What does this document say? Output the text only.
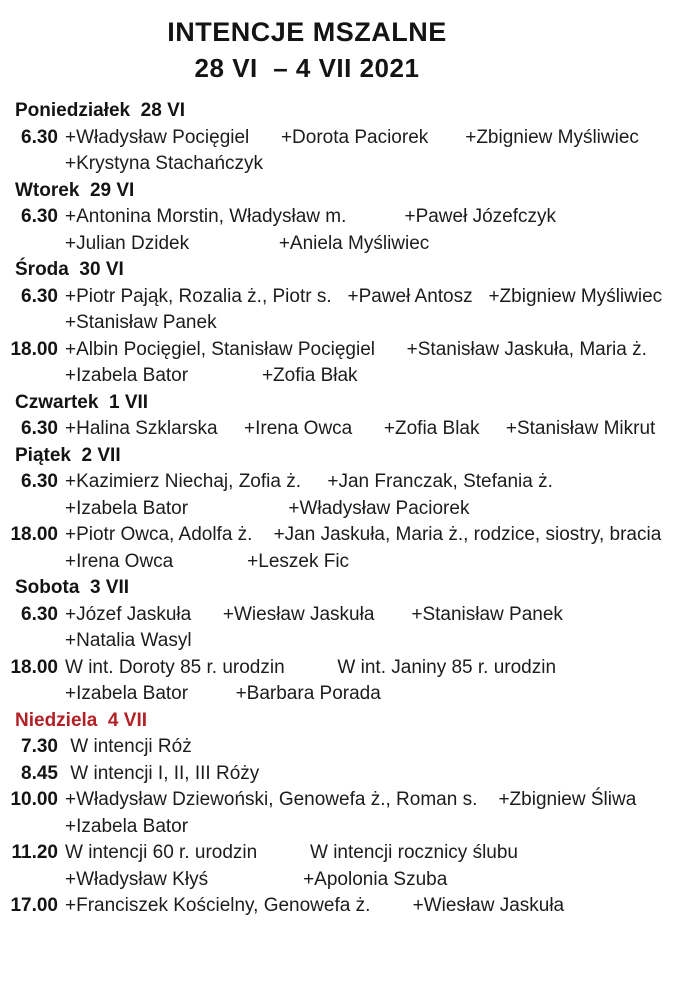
INTENCJE MSZALNE
28 VI  – 4 VII 2021
Poniedziałek  28 VI
6.30 +Władysław Pocięgiel      +Dorota Paciorek       +Zbigniew Myśliwiec
+Krystyna Stachańczyk
Wtorek  29 VI
6.30 +Antonina Morstin, Władysław m.           +Paweł Józefczyk
+Julian Dzidek                 +Aniela Myśliwiec
Środa  30 VI
6.30 +Piotr Pająk, Rozalia ż., Piotr s.   +Paweł Antosz   +Zbigniew Myśliwiec
+Stanisław Panek
18.00 +Albin Pocięgiel, Stanisław Pocięgiel      +Stanisław Jaskuła, Maria ż.
+Izabela Bator              +Zofia Błak
Czwartek  1 VII
6.30 +Halina Szklarska     +Irena Owca      +Zofia Blak     +Stanisław Mikrut
Piątek  2 VII
6.30 +Kazimierz Niechaj, Zofia ż.     +Jan Franczak, Stefania ż.
+Izabela Bator                   +Władysław Paciorek
18.00 +Piotr Owca, Adolfa ż.    +Jan Jaskuła, Maria ż., rodzice, siostry, bracia
+Irena Owca              +Leszek Fic
Sobota  3 VII
6.30 +Józef Jaskuła      +Wiesław Jaskuła       +Stanisław Panek
+Natalia Wasyl
18.00 W int. Doroty 85 r. urodzin          W int. Janiny 85 r. urodzin
+Izabela Bator         +Barbara Porada
Niedziela  4 VII
7.30 W intencji Róż
8.45 W intencji I, II, III Róży
10.00 +Władysław Dziewoński, Genowefa ż., Roman s.    +Zbigniew Śliwa
+Izabela Bator
11.20 W intencji 60 r. urodzin          W intencji rocznicy ślubu
+Władysław Kłyś                  +Apolonia Szuba
17.00 +Franciszek Kościelny, Genowefa ż.        +Wiesław Jaskuła
